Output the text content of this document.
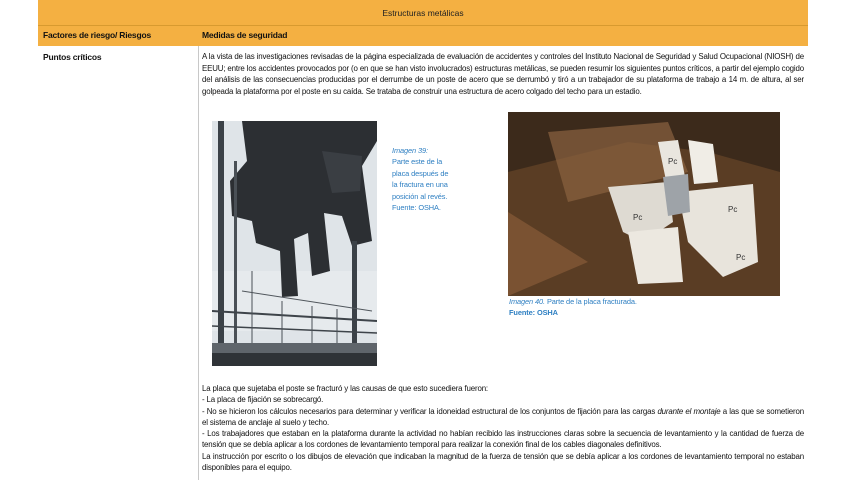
Estructuras metálicas
Factores de riesgo/ Riesgos	Medidas de seguridad
Puntos críticos	A la vista de las investigaciones revisadas de la página especializada de evaluación de accidentes y controles del Instituto Nacional de Seguridad y Salud Ocupacional (NIOSH) de EEUU; entre los accidentes provocados por (o en que se han visto involucrados) estructuras metálicas, se pueden resumir los siguientes puntos críticos, a partir del ejemplo cogido del análisis de las consecuencias producidas por el derrumbe de un poste de acero que se derrumbó y tiró a un trabajador de su plataforma de trabajo a 14 m. de altura, al ser golpeada la plataforma por el poste en su caída. Se trataba de construir una estructura de acero colgado del techo para un estadio.
Imagen 39:
Parte este de la placa después de la fractura en una posición al revés.
Fuente: OSHA.
Pc
Pc
Pc
Pc
Imagen 40. Parte de la placa fracturada.
Fuente: OSHA

La placa que sujetaba el poste se fracturó y las causas de que esto sucediera fueron:

- La placa de fijación se sobrecargó.

- No se hicieron los cálculos necesarios para determinar y verificar la idoneidad estructural de los conjuntos de fijación para las cargas durante el montaje a las que se sometieron el sistema de anclaje al suelo y techo.

- Los trabajadores que estaban en la plataforma durante la actividad no habían recibido las instrucciones claras sobre la secuencia de levantamiento y la cantidad de fuerza de tensión que se debía aplicar a los cordones de levantamiento temporal para realizar la conexión final de los cables diagonales definitivos.

La instrucción por escrito o los dibujos de elevación que indicaban la magnitud de la fuerza de tensión que se debía aplicar a los cordones de levantamiento temporal no estaban disponibles para el equipo.
